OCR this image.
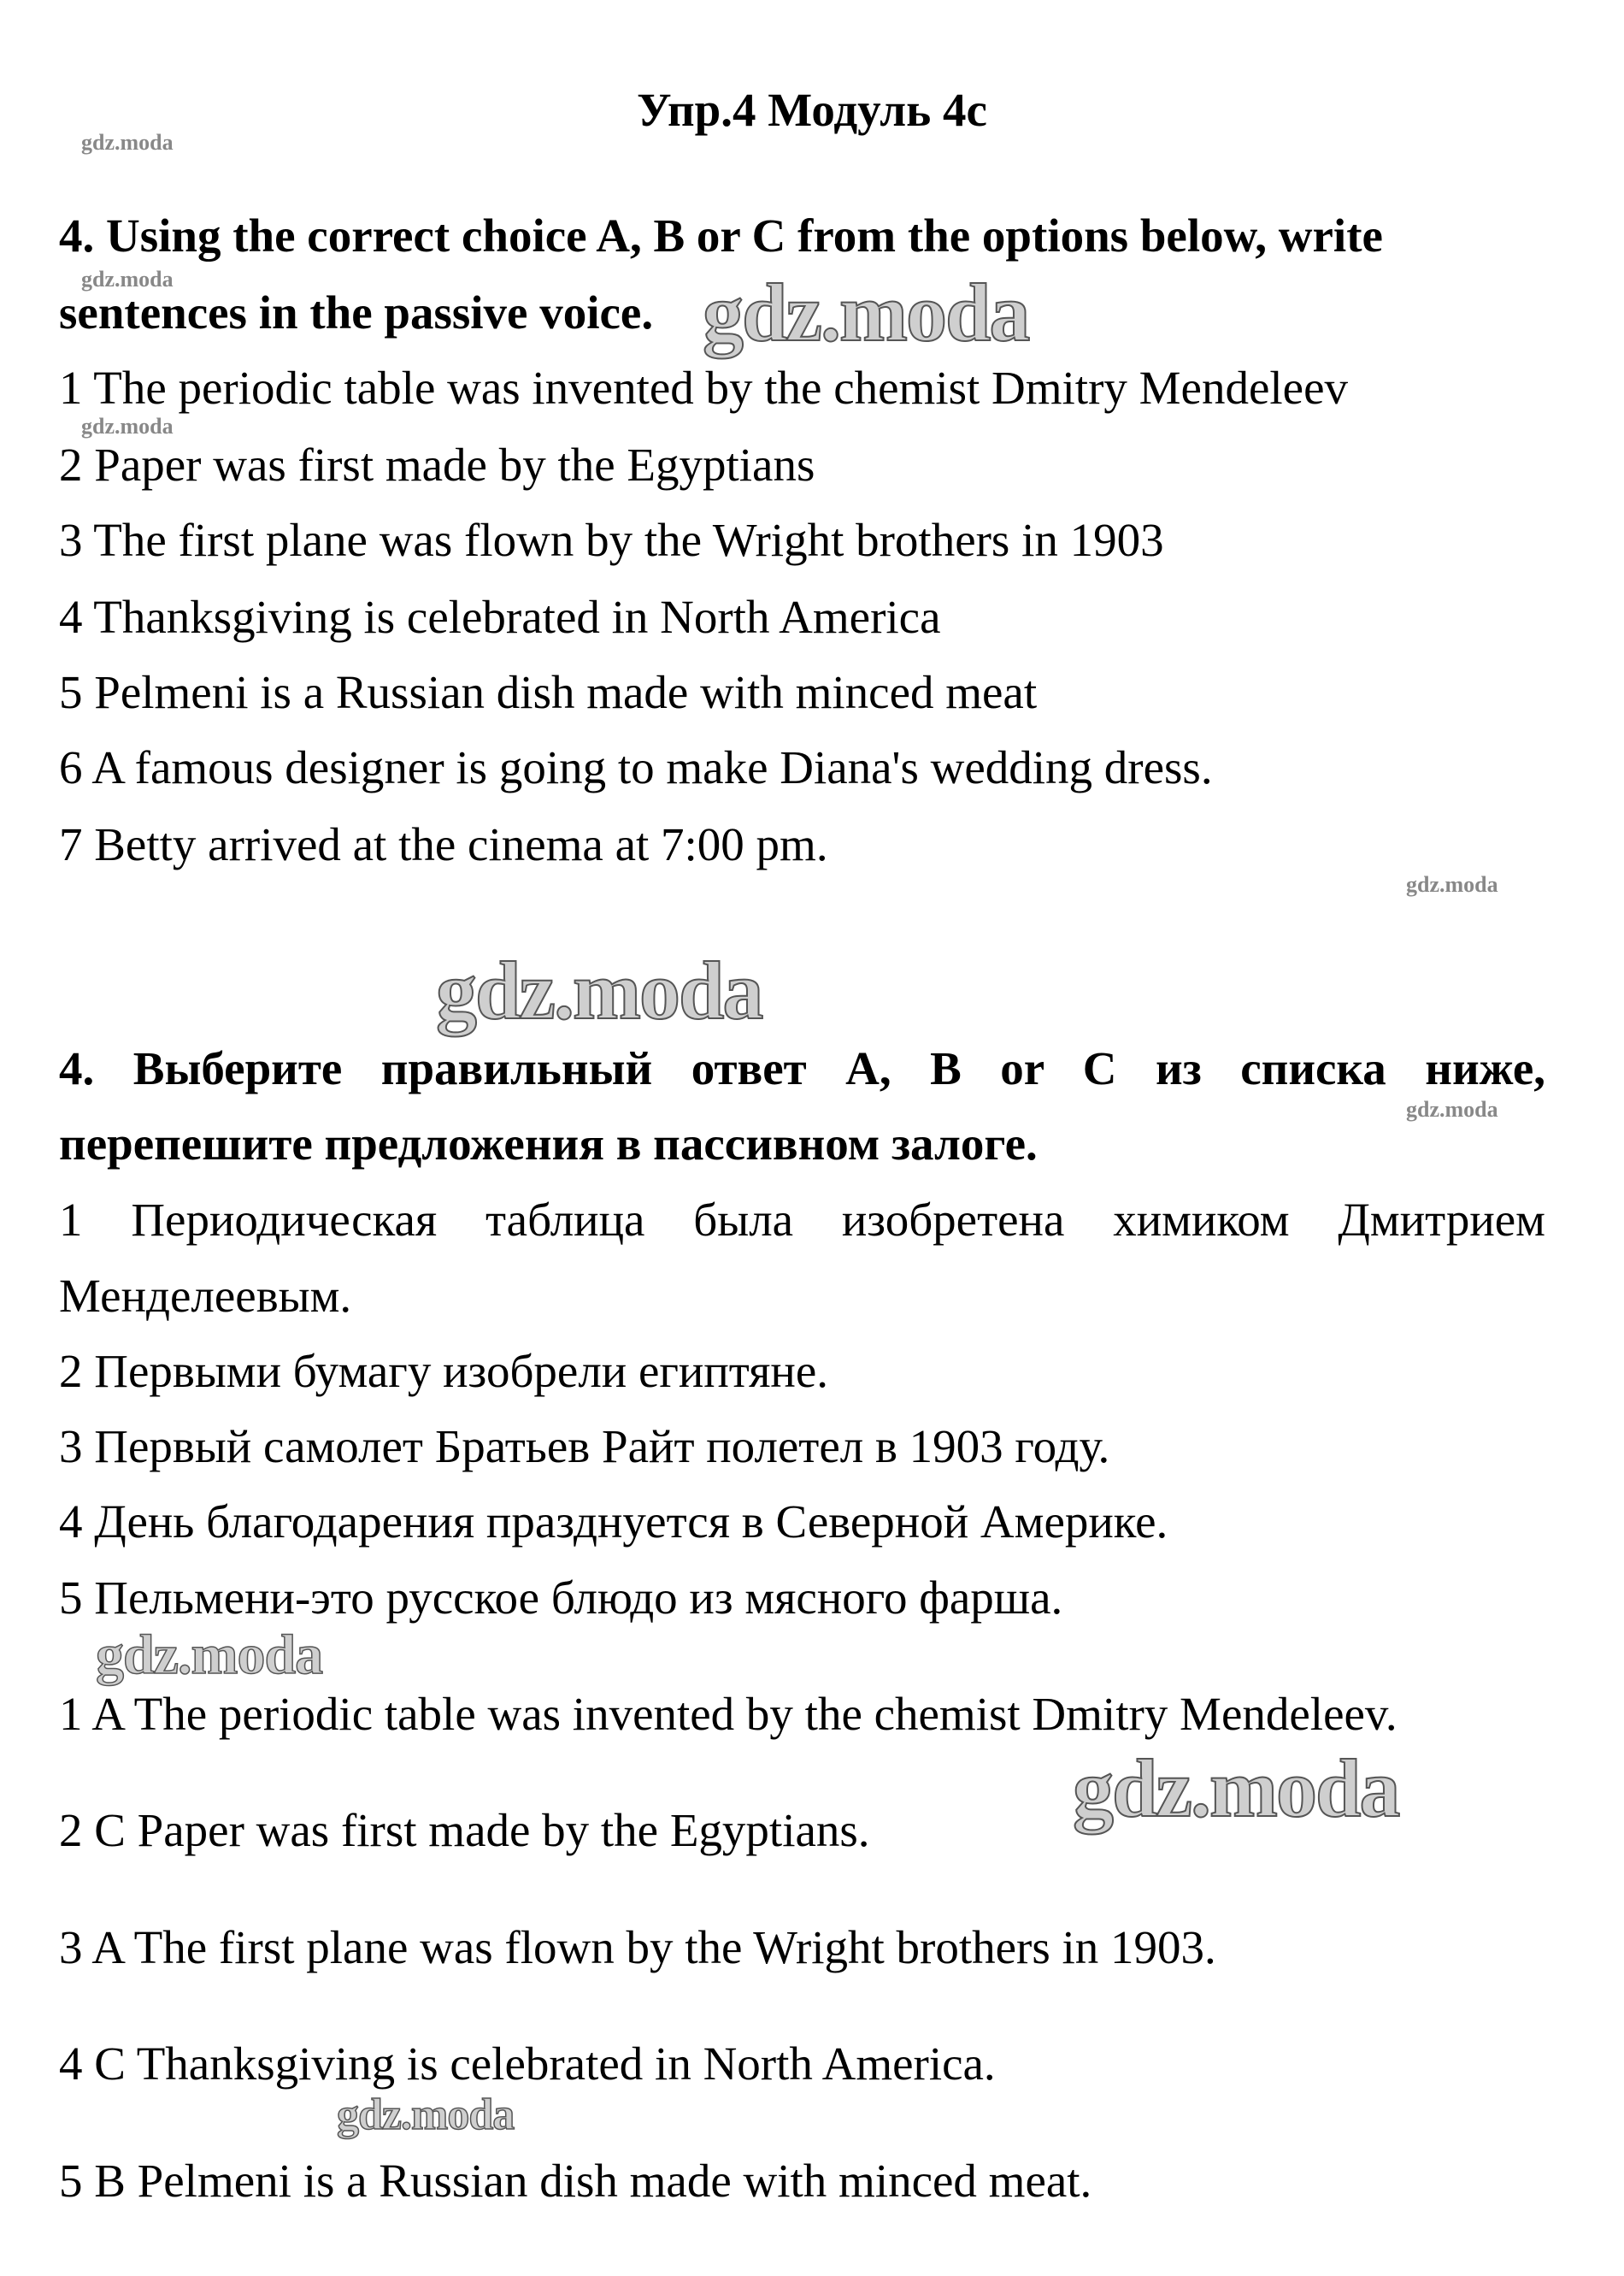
Упр.4 Модуль 4c
4. Using the correct choice A, B or C from the options below, write
sentences in the passive voice.
1 The periodic table was invented by the chemist Dmitry Mendeleev
2 Paper was first made by the Egyptians
3 The first plane was flown by the Wright brothers in 1903
4 Thanksgiving is celebrated in North America
5 Pelmeni is a Russian dish made with minced meat
6 A famous designer is going to make Diana's wedding dress.
7 Betty arrived at the cinema at 7:00 pm.
4. Выберите правильный ответ A, B or C из списка ниже,
перепешите предложения в пассивном залоге.
1 Периодическая таблица была изобретена химиком Дмитрием
Менделеевым.
2 Первыми бумагу изобрели египтяне.
3 Первый самолет Братьев Райт полетел в 1903 году.
4 День благодарения празднуется в Северной Америке.
5 Пельмени-это русское блюдо из мясного фарша.
1 A The periodic table was invented by the chemist Dmitry Mendeleev.
2 C Paper was first made by the Egyptians.
3 A The first plane was flown by the Wright brothers in 1903.
4 C Thanksgiving is celebrated in North America.
5 B Pelmeni is a Russian dish made with minced meat.
gdz.moda
gdz.moda
gdz.moda
gdz.moda
gdz.moda
gdz.moda
gdz.moda
gdz.moda
gdz.moda
gdz.moda
